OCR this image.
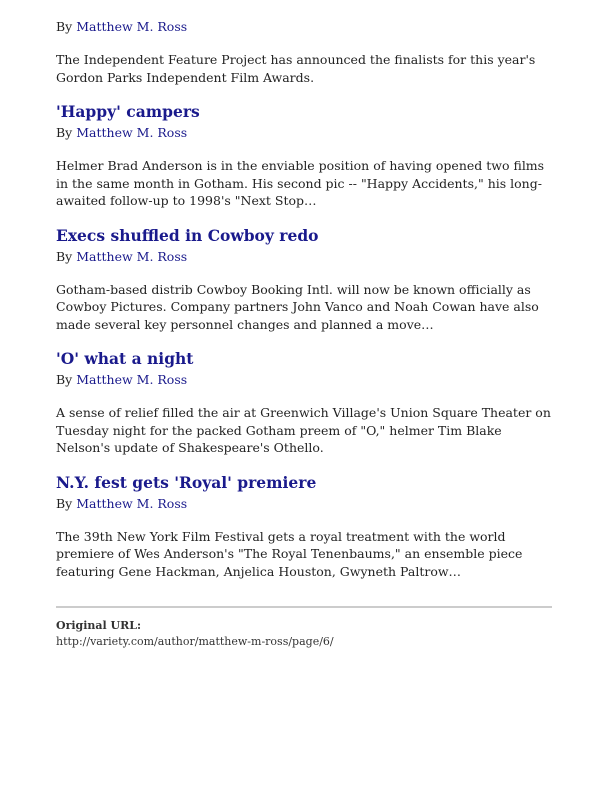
By Matthew M. Ross

The Independent Feature Project has announced the finalists for this year's Gordon Parks Independent Film Awards.

'Happy' campers

By Matthew M. Ross

Helmer Brad Anderson is in the enviable position of having opened two films in the same month in Gotham. His second pic -- "Happy Accidents," his long-awaited follow-up to 1998's "Next Stop…

Execs shuffled in Cowboy redo

By Matthew M. Ross

Gotham-based distrib Cowboy Booking Intl. will now be known officially as Cowboy Pictures. Company partners John Vanco and Noah Cowan have also made several key personnel changes and planned a move…

'O' what a night

By Matthew M. Ross

A sense of relief filled the air at Greenwich Village's Union Square Theater on Tuesday night for the packed Gotham preem of "O," helmer Tim Blake Nelson's update of Shakespeare's Othello.

N.Y. fest gets 'Royal' premiere

By Matthew M. Ross

The 39th New York Film Festival gets a royal treatment with the world premiere of Wes Anderson's "The Royal Tenenbaums," an ensemble piece featuring Gene Hackman, Anjelica Houston, Gwyneth Paltrow…

Original URL:

http://variety.com/author/matthew-m-ross/page/6/
